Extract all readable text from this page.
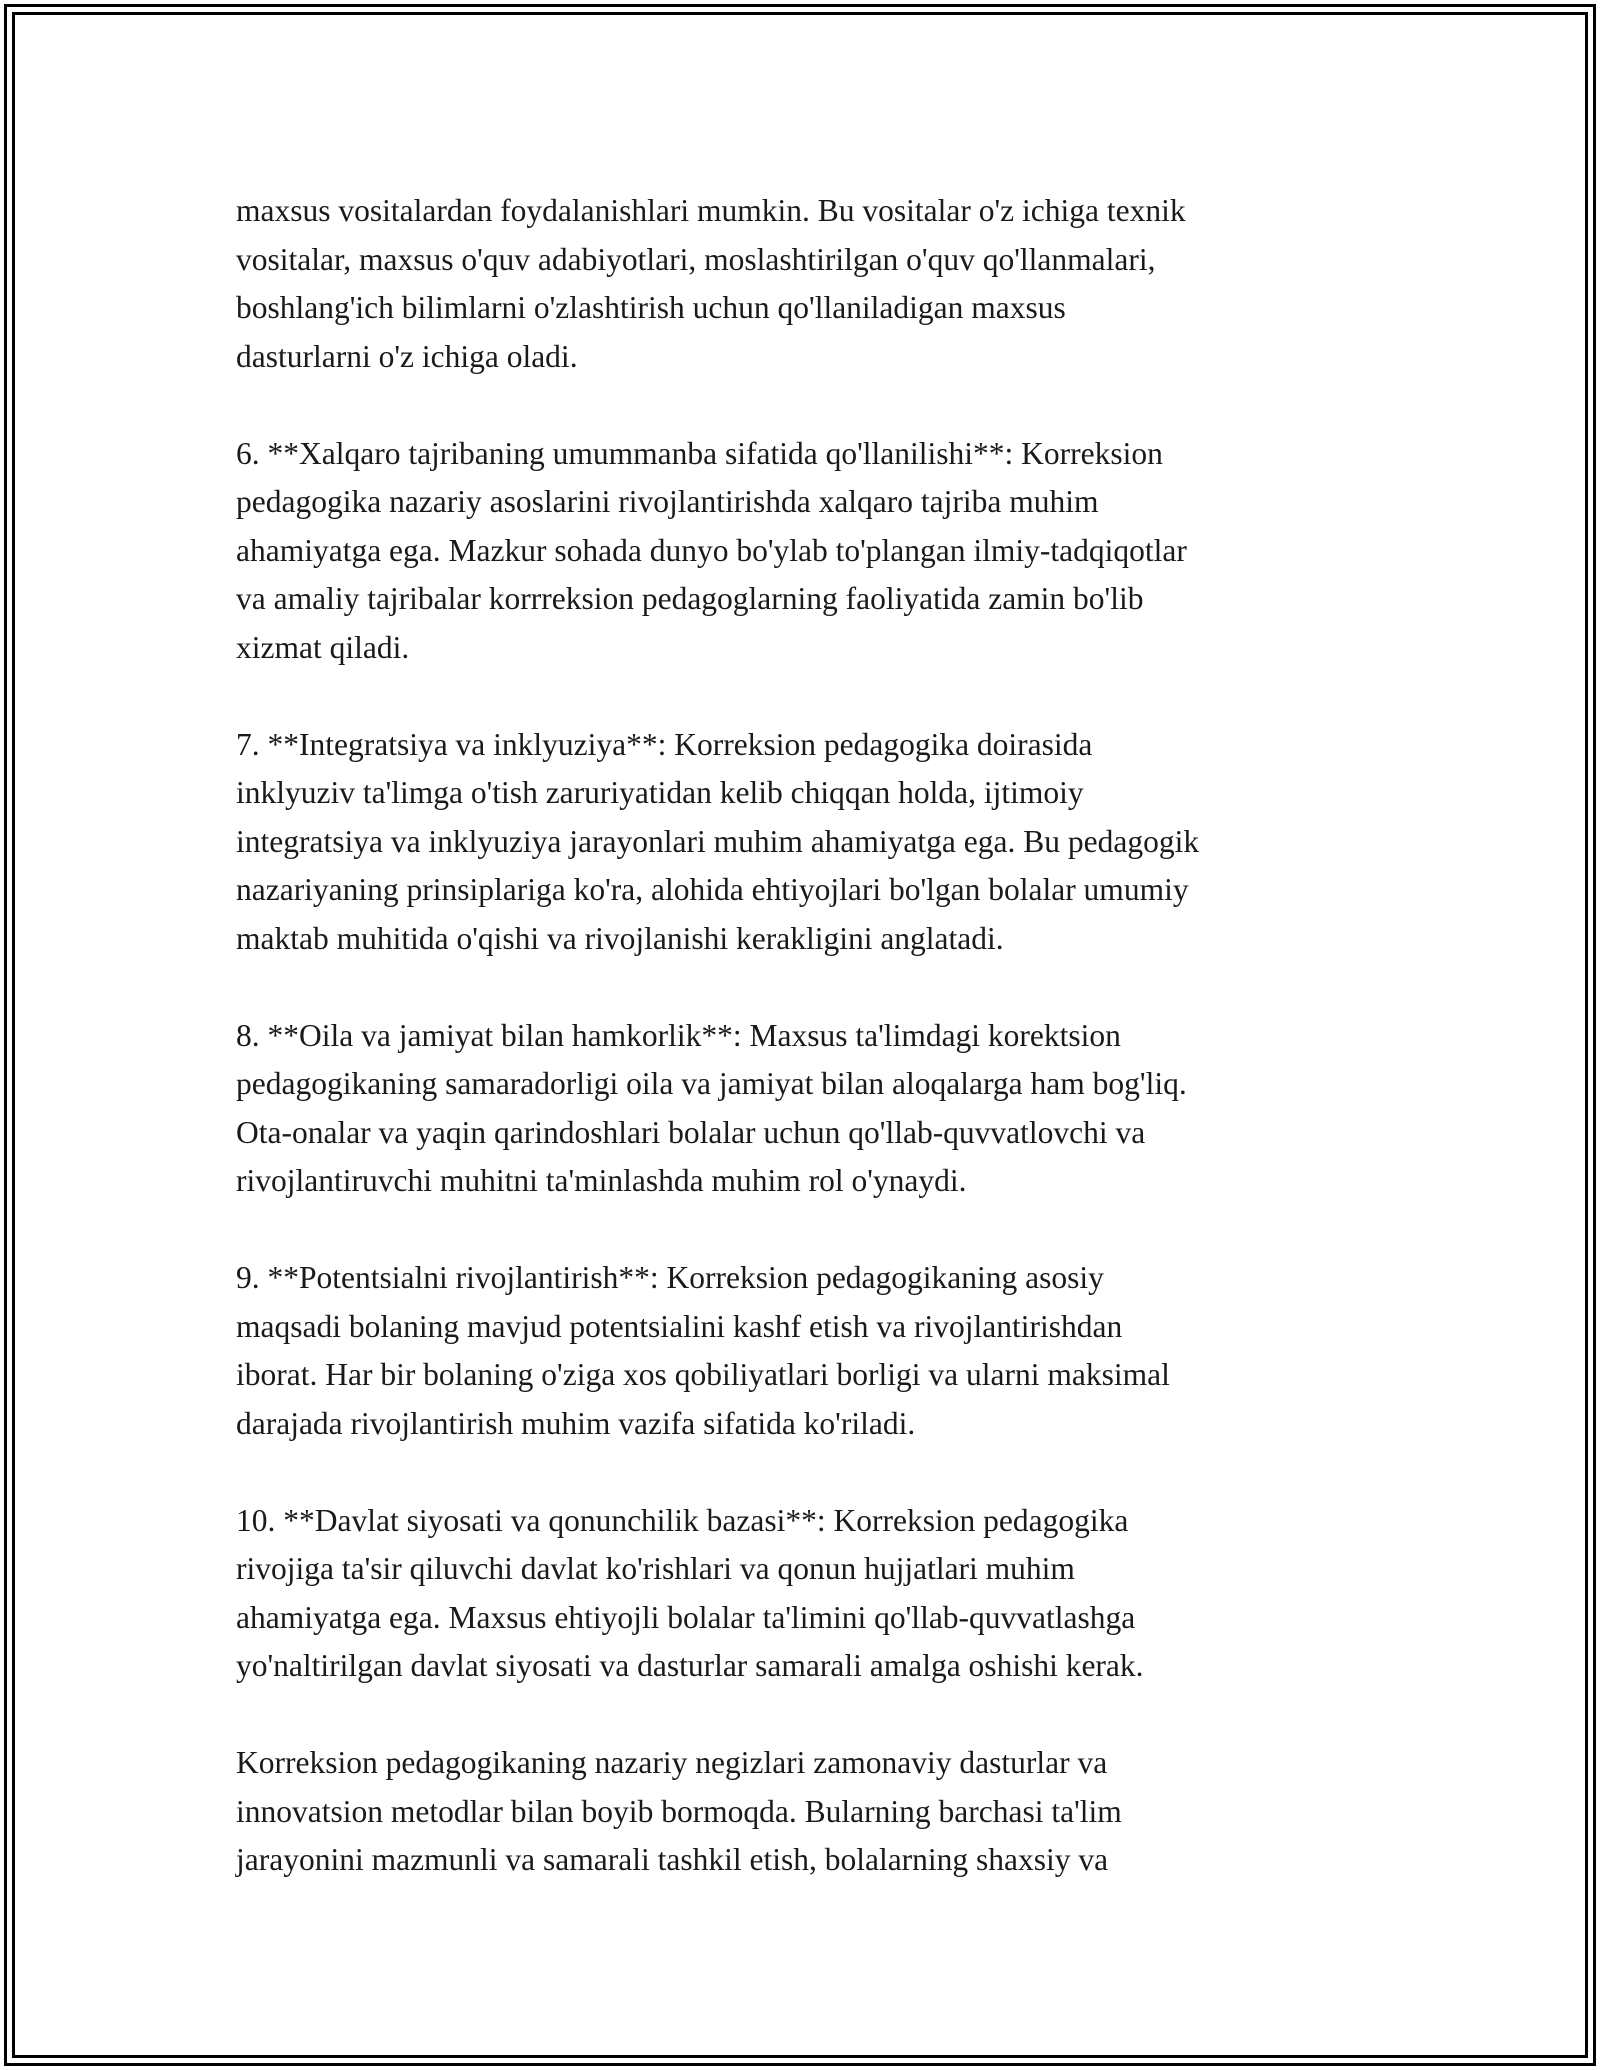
maxsus vositalardan foydalanishlari mumkin. Bu vositalar o'z ichiga texnik
vositalar, maxsus o'quv adabiyotlari, moslashtirilgan o'quv qo'llanmalari,
boshlang'ich bilimlarni o'zlashtirish uchun qo'llaniladigan maxsus
dasturlarni o'z ichiga oladi.

6. **Xalqaro tajribaning umummanba sifatida qo'llanilishi**: Korreksion
pedagogika nazariy asoslarini rivojlantirishda xalqaro tajriba muhim
ahamiyatga ega. Mazkur sohada dunyo bo'ylab to'plangan ilmiy-tadqiqotlar
va amaliy tajribalar korrreksion pedagoglarning faoliyatida zamin bo'lib
xizmat qiladi.

7. **Integratsiya va inklyuziya**: Korreksion pedagogika doirasida
inklyuziv ta'limga o'tish zaruriyatidan kelib chiqqan holda, ijtimoiy
integratsiya va inklyuziya jarayonlari muhim ahamiyatga ega. Bu pedagogik
nazariyaning prinsiplariga ko'ra, alohida ehtiyojlari bo'lgan bolalar umumiy
maktab muhitida o'qishi va rivojlanishi kerakligini anglatadi.

8. **Oila va jamiyat bilan hamkorlik**: Maxsus ta'limdagi korektsion
pedagogikaning samaradorligi oila va jamiyat bilan aloqalarga ham bog'liq.
Ota-onalar va yaqin qarindoshlari bolalar uchun qo'llab-quvvatlovchi va
rivojlantiruvchi muhitni ta'minlashda muhim rol o'ynaydi.

9. **Potentsialni rivojlantirish**: Korreksion pedagogikaning asosiy
maqsadi bolaning mavjud potentsialini kashf etish va rivojlantirishdan
iborat. Har bir bolaning o'ziga xos qobiliyatlari borligi va ularni maksimal
darajada rivojlantirish muhim vazifa sifatida ko'riladi.

10. **Davlat siyosati va qonunchilik bazasi**: Korreksion pedagogika
rivojiga ta'sir qiluvchi davlat ko'rishlari va qonun hujjatlari muhim
ahamiyatga ega. Maxsus ehtiyojli bolalar ta'limini qo'llab-quvvatlashga
yo'naltirilgan davlat siyosati va dasturlar samarali amalga oshishi kerak.

Korreksion pedagogikaning nazariy negizlari zamonaviy dasturlar va
innovatsion metodlar bilan boyib bormoqda. Bularning barchasi ta'lim
jarayonini mazmunli va samarali tashkil etish, bolalarning shaxsiy va
